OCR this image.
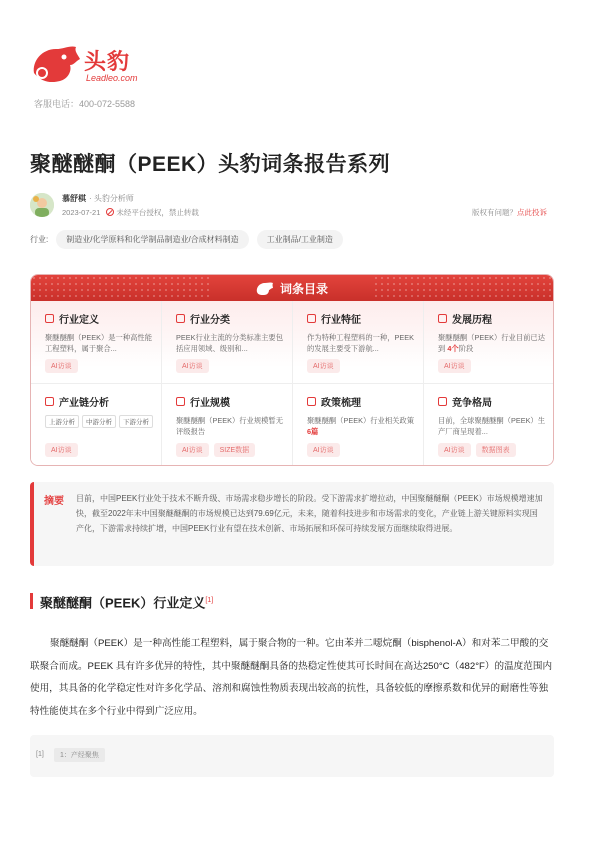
头豹
Leadleo.com
客服电话：400-072-5588
聚醚醚酮（PEEK）头豹词条报告系列
慕舒棋 · 头豹分析师
2023-07-21	未经平台授权，禁止转载	版权有问题？点此投诉
行业:	制造业/化学原料和化学制品制造业/合成材料制造	工业制品/工业制造
词条目录
行业定义
聚醚醚酮（PEEK）是一种高性能工程塑料，属于聚合...
AI访谈
行业分类
PEEK行业主流的分类标准主要包括应用领域、级别和...
AI访谈
行业特征
作为特种工程塑料的一种，PEEK的发展主要受下游航...
AI访谈
发展历程
聚醚醚酮（PEEK）行业目前已达到 4个阶段
AI访谈
产业链分析
上游分析	中游分析	下游分析
AI访谈
行业规模
聚醚醚酮（PEEK）行业规模暂无评级报告
AI访谈	SIZE数据
政策梳理
聚醚醚酮（PEEK）行业相关政策 6篇
AI访谈
竞争格局
目前，全球聚醚醚酮（PEEK）生产厂商呈现着...
AI访谈	数据图表
摘要 目前，中国PEEK行业处于技术不断升级、市场需求稳步增长的阶段。受下游需求扩增拉动，中国聚醚醚酮（PEEK）市场规模增速加快，截至2022年末中国聚醚醚酮的市场规模已达到79.69亿元，未来，随着科技进步和市场需求的变化，产业链上游关键原料实现国产化，下游需求持续扩增，中国PEEK行业有望在技术创新、市场拓展和环保可持续发展方面继续取得进展。

聚醚醚酮（PEEK）行业定义[1]

聚醚醚酮（PEEK）是一种高性能工程塑料，属于聚合物的一种。它由苯并二噁烷酮（bisphenol-A）和对苯二甲酸的交联聚合而成。PEEK 具有许多优异的特性，其中聚醚醚酮具备的热稳定性使其可长时间在高达250°C（482°F）的温度范围内使用，其具备的化学稳定性对许多化学品、溶剂和腐蚀性物质表现出较高的抗性，具备较低的摩擦系数和优异的耐磨性等独特性能使其在多个行业中得到广泛应用。

[1]	1：产经聚焦
